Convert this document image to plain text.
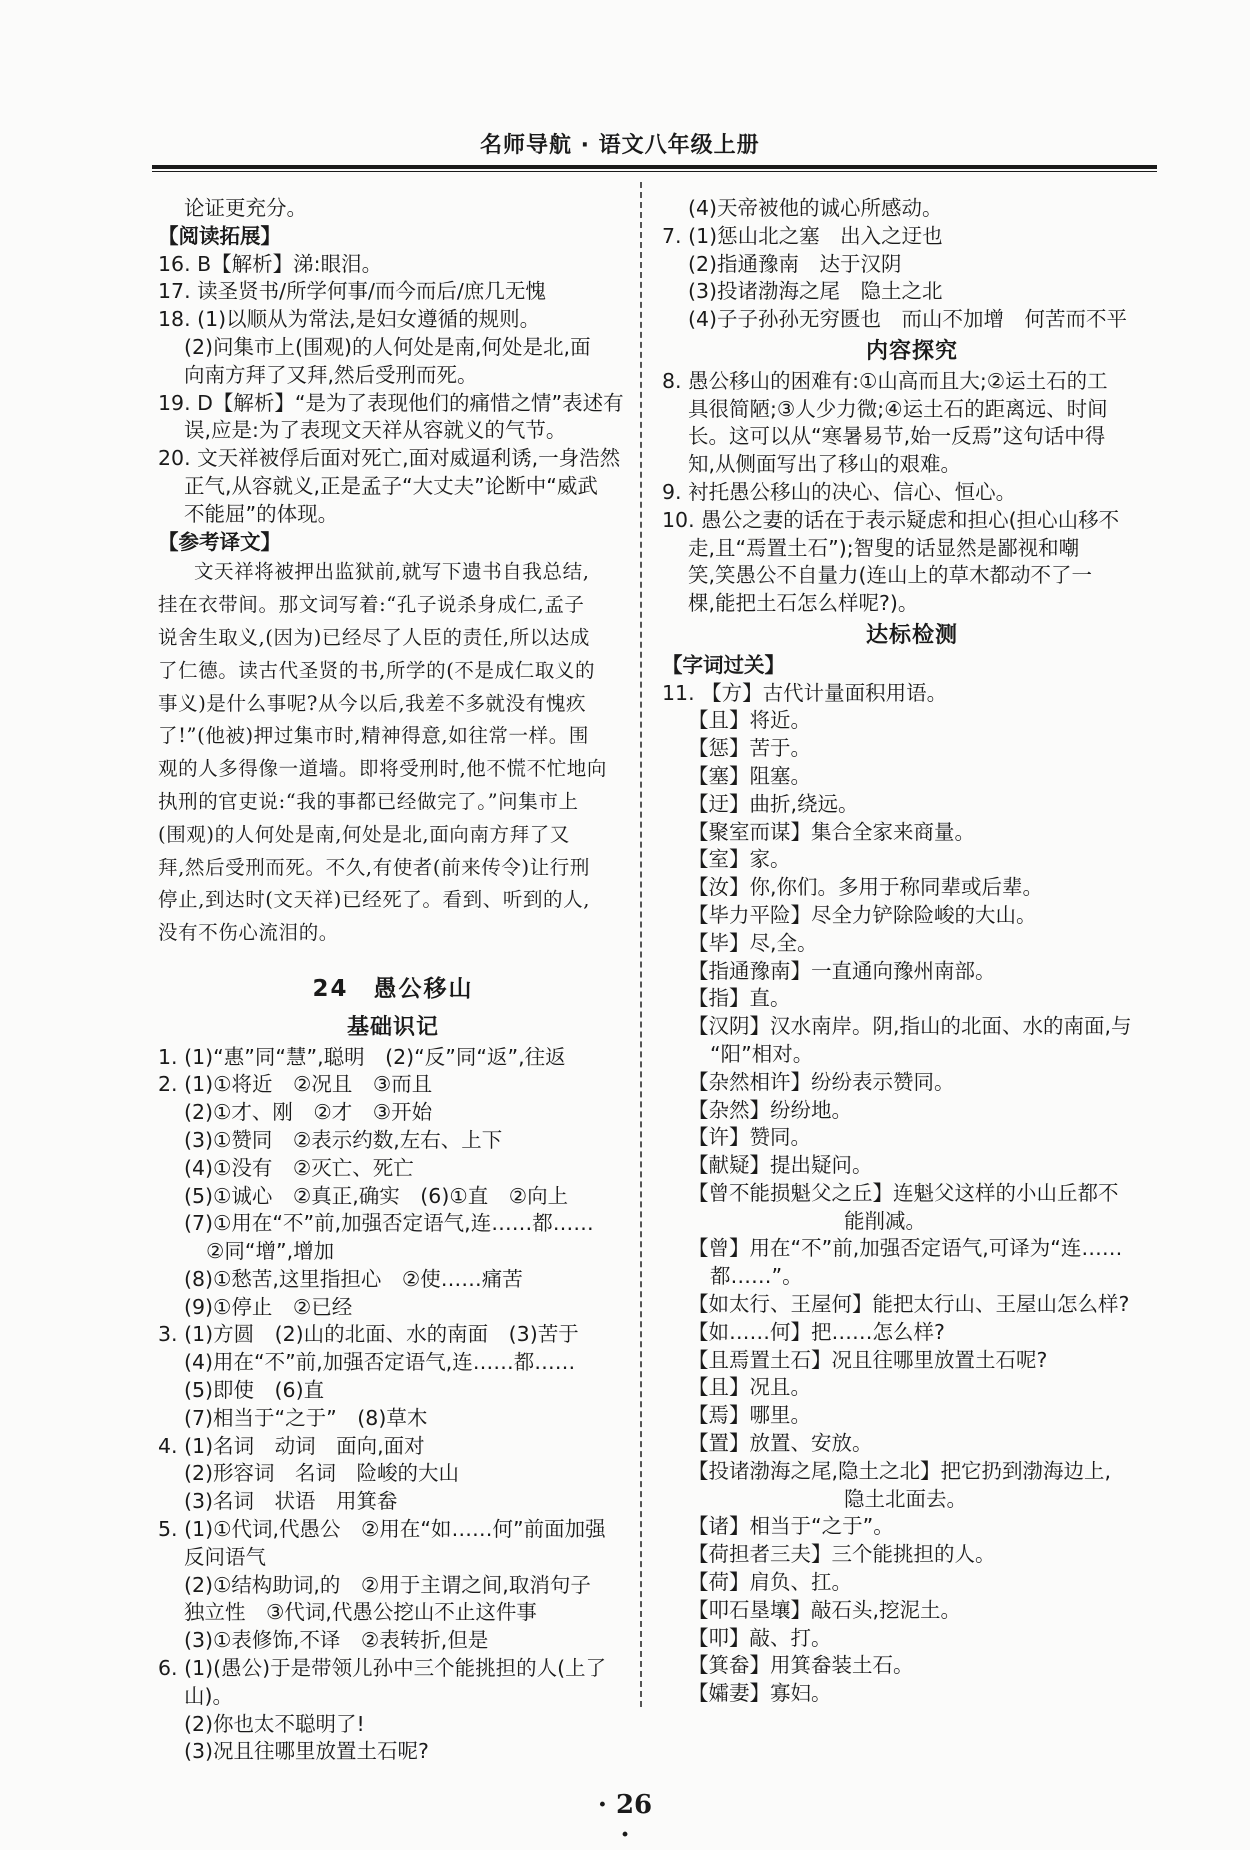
名师导航 · 语文八年级上册
论证更充分。
【阅读拓展】
16. B【解析】涕:眼泪。
17. 读圣贤书/所学何事/而今而后/庶几无愧
18. (1)以顺从为常法,是妇女遵循的规则。
(2)问集市上(围观)的人何处是南,何处是北,面
向南方拜了又拜,然后受刑而死。
19. D【解析】“是为了表现他们的痛惜之情”表述有
误,应是:为了表现文天祥从容就义的气节。
20. 文天祥被俘后面对死亡,面对威逼利诱,一身浩然
正气,从容就义,正是孟子“大丈夫”论断中“威武
不能屈”的体现。
【参考译文】
文天祥将被押出监狱前,就写下遗书自我总结,
挂在衣带间。那文词写着:“孔子说杀身成仁,孟子
说舍生取义,(因为)已经尽了人臣的责任,所以达成
了仁德。读古代圣贤的书,所学的(不是成仁取义的
事义)是什么事呢?从今以后,我差不多就没有愧疚
了!”(他被)押过集市时,精神得意,如往常一样。围
观的人多得像一道墙。即将受刑时,他不慌不忙地向
执刑的官吏说:“我的事都已经做完了。”问集市上
(围观)的人何处是南,何处是北,面向南方拜了又
拜,然后受刑而死。不久,有使者(前来传令)让行刑
停止,到达时(文天祥)已经死了。看到、听到的人,
没有不伤心流泪的。
24　愚公移山
基础识记
1. (1)“惠”同“慧”,聪明　(2)“反”同“返”,往返
2. (1)①将近　②况且　③而且
(2)①才、刚　②才　③开始
(3)①赞同　②表示约数,左右、上下
(4)①没有　②灭亡、死亡
(5)①诚心　②真正,确实　(6)①直　②向上
(7)①用在“不”前,加强否定语气,连……都……
②同“增”,增加
(8)①愁苦,这里指担心　②使……痛苦
(9)①停止　②已经
3. (1)方圆　(2)山的北面、水的南面　(3)苦于
(4)用在“不”前,加强否定语气,连……都……
(5)即使　(6)直
(7)相当于“之于”　(8)草木
4. (1)名词　动词　面向,面对
(2)形容词　名词　险峻的大山
(3)名词　状语　用箕畚
5. (1)①代词,代愚公　②用在“如……何”前面加强
反问语气
(2)①结构助词,的　②用于主谓之间,取消句子
独立性　③代词,代愚公挖山不止这件事
(3)①表修饰,不译　②表转折,但是
6. (1)(愚公)于是带领儿孙中三个能挑担的人(上了
山)。
(2)你也太不聪明了!
(3)况且往哪里放置土石呢?
(4)天帝被他的诚心所感动。
7. (1)惩山北之塞　出入之迂也
(2)指通豫南　达于汉阴
(3)投诸渤海之尾　隐土之北
(4)子子孙孙无穷匮也　而山不加增　何苦而不平
内容探究
8. 愚公移山的困难有:①山高而且大;②运土石的工
具很简陋;③人少力微;④运土石的距离远、时间
长。这可以从“寒暑易节,始一反焉”这句话中得
知,从侧面写出了移山的艰难。
9. 衬托愚公移山的决心、信心、恒心。
10. 愚公之妻的话在于表示疑虑和担心(担心山移不
走,且“焉置土石”);智叟的话显然是鄙视和嘲
笑,笑愚公不自量力(连山上的草木都动不了一
棵,能把土石怎么样呢?)。
达标检测
【字词过关】
11. 【方】古代计量面积用语。
【且】将近。
【惩】苦于。
【塞】阻塞。
【迂】曲折,绕远。
【聚室而谋】集合全家来商量。
【室】家。
【汝】你,你们。多用于称同辈或后辈。
【毕力平险】尽全力铲除险峻的大山。
【毕】尽,全。
【指通豫南】一直通向豫州南部。
【指】直。
【汉阴】汉水南岸。阴,指山的北面、水的南面,与
“阳”相对。
【杂然相许】纷纷表示赞同。
【杂然】纷纷地。
【许】赞同。
【献疑】提出疑问。
【曾不能损魁父之丘】连魁父这样的小山丘都不
能削减。
【曾】用在“不”前,加强否定语气,可译为“连……
都……”。
【如太行、王屋何】能把太行山、王屋山怎么样?
【如……何】把……怎么样?
【且焉置土石】况且往哪里放置土石呢?
【且】况且。
【焉】哪里。
【置】放置、安放。
【投诸渤海之尾,隐土之北】把它扔到渤海边上,
隐土北面去。
【诸】相当于“之于”。
【荷担者三夫】三个能挑担的人。
【荷】肩负、扛。
【叩石垦壤】敲石头,挖泥土。
【叩】敲、打。
【箕畚】用箕畚装土石。
【孀妻】寡妇。
· 26 ·
